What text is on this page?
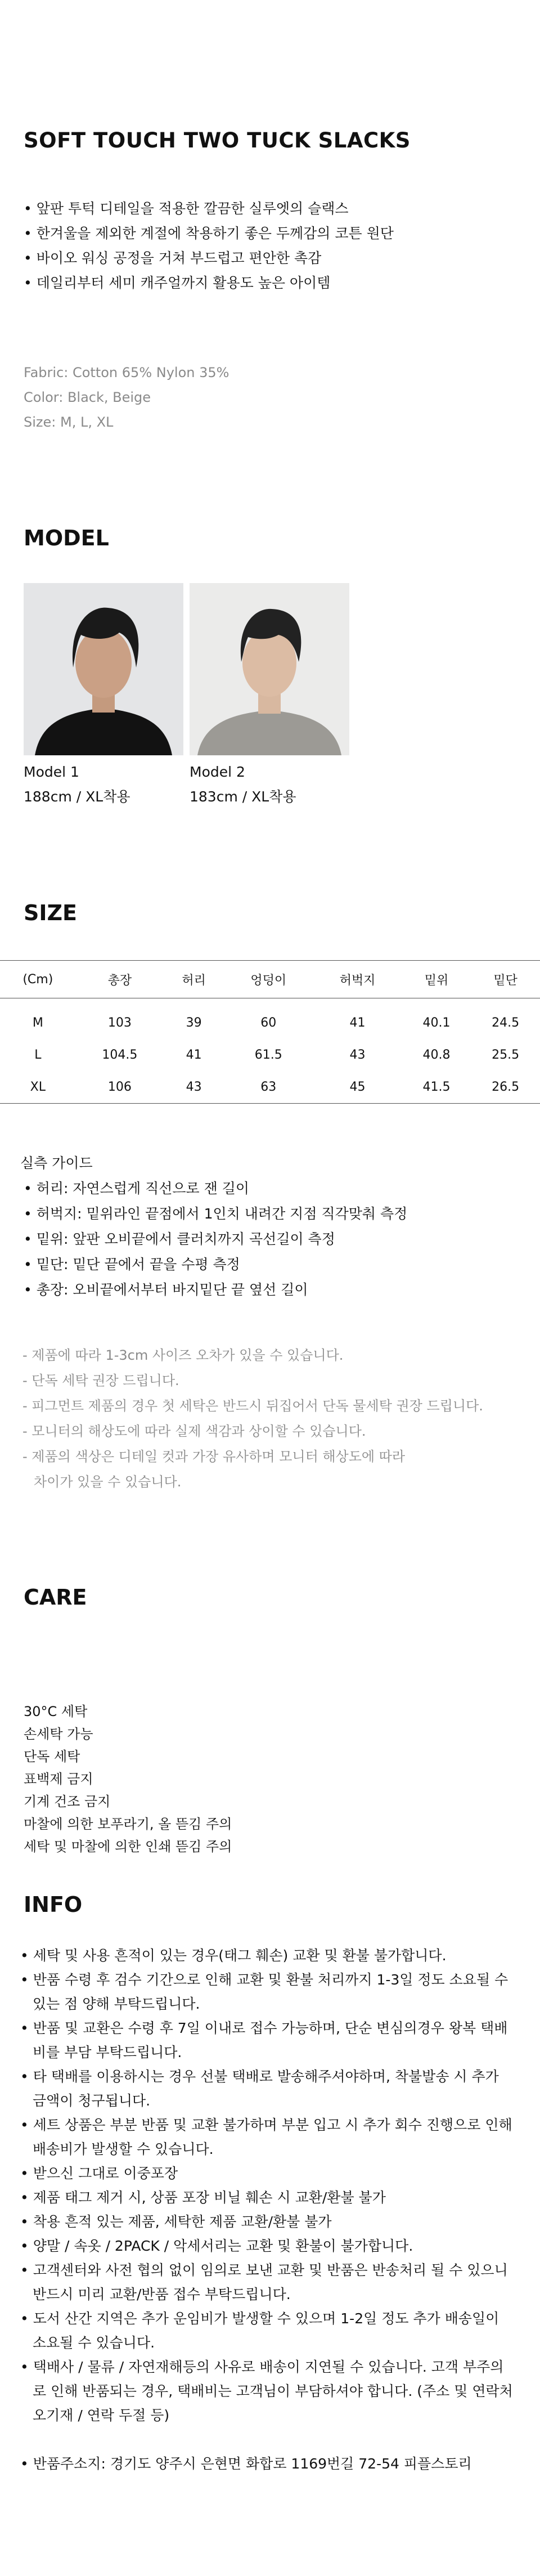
SOFT TOUCH TWO TUCK SLACKS
• 앞판 투턱 디테일을 적용한 깔끔한 실루엣의 슬랙스
• 한겨울을 제외한 계절에 착용하기 좋은 두께감의 코튼 원단
• 바이오 워싱 공정을 거쳐 부드럽고 편안한 촉감
• 데일리부터 세미 캐주얼까지 활용도 높은 아이템
Fabric: Cotton 65% Nylon 35%
Color: Black, Beige
Size: M, L, XL
MODEL
Model 1
188cm / XL착용
Model 2
183cm / XL착용
SIZE
(Cm)	총장	허리	엉덩이	허벅지	밑위	밑단
M	103	39	60	41	40.1	24.5
L	104.5	41	61.5	43	40.8	25.5
XL	106	43	63	45	41.5	26.5
실측 가이드
• 허리: 자연스럽게 직선으로 잰 길이
• 허벅지: 밑위라인 끝점에서 1인치 내려간 지점 직각맞춰 측정
• 밑위: 앞판 오비끝에서 클러치까지 곡선길이 측정
• 밑단: 밑단 끝에서 끝을 수평 측정
• 총장: 오비끝에서부터 바지밑단 끝 옆선 길이
- 제품에 따라 1-3cm 사이즈 오차가 있을 수 있습니다.
- 단독 세탁 권장 드립니다.
- 피그먼트 제품의 경우 첫 세탁은 반드시 뒤집어서 단독 물세탁 권장 드립니다.
- 모니터의 해상도에 따라 실제 색감과 상이할 수 있습니다.
- 제품의 색상은 디테일 컷과 가장 유사하며 모니터 해상도에 따라
차이가 있을 수 있습니다.
CARE
30°C 세탁
손세탁 가능
단독 세탁
표백제 금지
기계 건조 금지
마찰에 의한 보푸라기, 올 뜯김 주의
세탁 및 마찰에 의한 인쇄 뜯김 주의
INFO
• 세탁 및 사용 흔적이 있는 경우(태그 훼손) 교환 및 환불 불가합니다.
• 반품 수령 후 검수 기간으로 인해 교환 및 환불 처리까지 1-3일 정도 소요될 수 있는 점 양해 부탁드립니다.
• 반품 및 교환은 수령 후 7일 이내로 접수 가능하며, 단순 변심의경우 왕복 택배비를 부담 부탁드립니다.
• 타 택배를 이용하시는 경우 선불 택배로 발송해주셔야하며, 착불발송 시 추가 금액이 청구됩니다.
• 세트 상품은 부분 반품 및 교환 불가하며 부분 입고 시 추가 회수 진행으로 인해 배송비가 발생할 수 있습니다.
• 받으신 그대로 이중포장
• 제품 태그 제거 시, 상품 포장 비닐 훼손 시 교환/환불 불가
• 착용 흔적 있는 제품, 세탁한 제품 교환/환불 불가
• 양말 / 속옷 / 2PACK / 악세서리는 교환 및 환불이 불가합니다.
• 고객센터와 사전 협의 없이 임의로 보낸 교환 및 반품은 반송처리 될 수 있으니 반드시 미리 교환/반품 접수 부탁드립니다.
• 도서 산간 지역은 추가 운임비가 발생할 수 있으며 1-2일 정도 추가 배송일이 소요될 수 있습니다.
• 택배사 / 물류 / 자연재해등의 사유로 배송이 지연될 수 있습니다. 고객 부주의로 인해 반품되는 경우, 택배비는 고객님이 부담하셔야 합니다. (주소 및 연락처 오기재 / 연락 두절 등)
• 반품주소지: 경기도 양주시 은현면 화합로 1169번길 72-54 피플스토리
